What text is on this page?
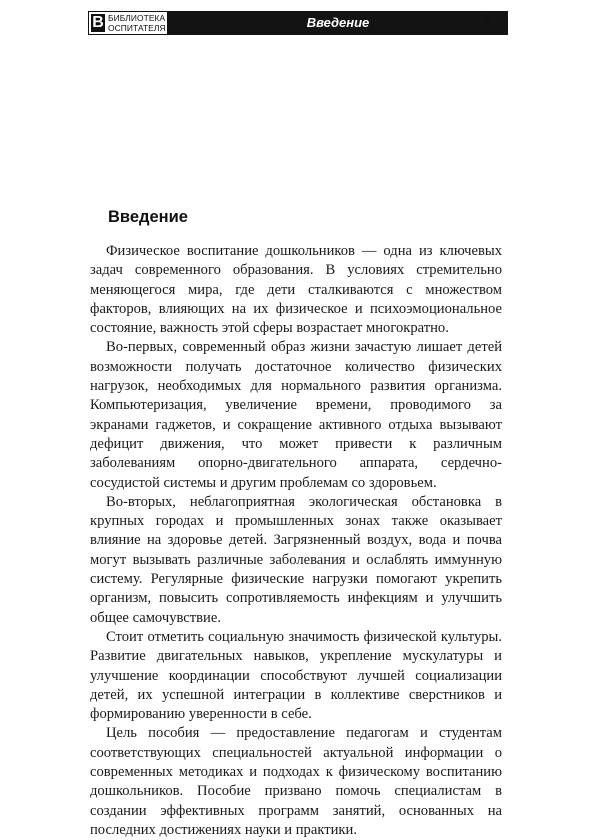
B БИБЛИОТЕКА
ОСПИТАТЕЛЯ	Введение	3
Введение

Физическое воспитание дошкольников — одна из ключевых задач современного образования. В условиях стремительно меняющегося мира, где дети сталкиваются с множеством факторов, влияющих на их физическое и психоэмоциональное состояние, важность этой сферы возрастает многократно.

Во-первых, современный образ жизни зачастую лишает детей возможности получать достаточное количество физических нагрузок, необходимых для нормального развития организма. Компьютеризация, увеличение времени, проводимого за экранами гаджетов, и сокращение активного отдыха вызывают дефицит движения, что может привести к различным заболеваниям опорно-двигательного аппарата, сердечно-сосудистой системы и другим проблемам со здоровьем.

Во-вторых, неблагоприятная экологическая обстановка в крупных городах и промышленных зонах также оказывает влияние на здоровье детей. Загрязненный воздух, вода и почва могут вызывать различные заболевания и ослаблять иммунную систему. Регулярные физические нагрузки помогают укрепить организм, повысить сопротивляемость инфекциям и улучшить общее самочувствие.

Стоит отметить социальную значимость физической культуры. Развитие двигательных навыков, укрепление мускулатуры и улучшение координации способствуют лучшей социализации детей, их успешной интеграции в коллективе сверстников и формированию уверенности в себе.

Цель пособия — предоставление педагогам и студентам соответствующих специальностей актуальной информации о современных методиках и подходах к физическому воспитанию дошкольников. Пособие призвано помочь специалистам в создании эффективных программ занятий, основанных на последних достижениях науки и практики.
